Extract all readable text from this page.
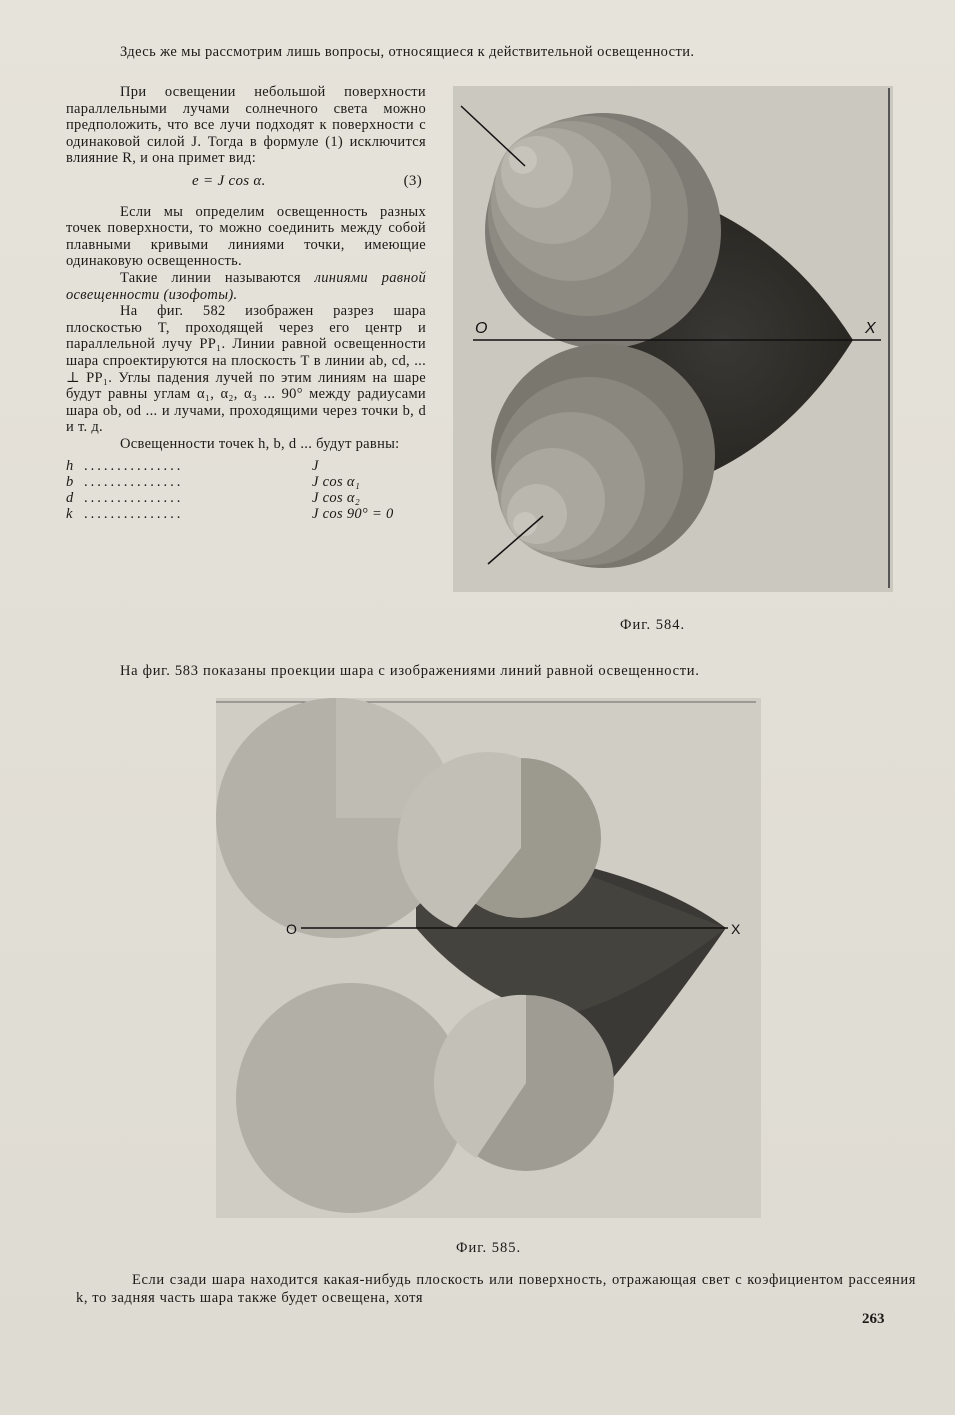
Здесь же мы рассмотрим лишь вопросы, относящиеся к действительной освещенности.

При освещении небольшой поверхности параллельными лучами солнечного света можно предположить, что все лучи подходят к поверхности с одинаковой силой J. Тогда в формуле (1) исключится влияние R, и она примет вид:

e = J cos α.	(3)

Если мы определим освещенность разных точек поверхности, то можно соединить между собой плавными кривыми линиями точки, имеющие одинаковую освещенность.

Такие линии называются линиями равной освещенности (изофоты).

На фиг. 582 изображен разрез шара плоскостью T, проходящей через его центр и параллельной лучу PP₁. Линии равной освещенности шара спроектируются на плоскость T в линии ab, cd, ... ⊥ PP₁. Углы падения лучей по этим линиям на шаре будут равны углам α₁, α₂, α₃ ... 90° между радиусами шара ob, od ... и лучами, проходящими через точки b, d и т. д.

Освещенности точек h, b, d ... будут равны:

h ...............	J
b ...............	J cos α₁
d ...............	J cos α₂
k ...............	J cos 90° = 0
O	X
Фиг. 584.
На фиг. 583 показаны проекции шара с изображениями линий равной освещенности.
O	X
Фиг. 585.
Если сзади шара находится какая-нибудь плоскость или поверхность, отражающая свет с коэфициентом рассеяния k, то задняя часть шара также будет освещена, хотя
263
